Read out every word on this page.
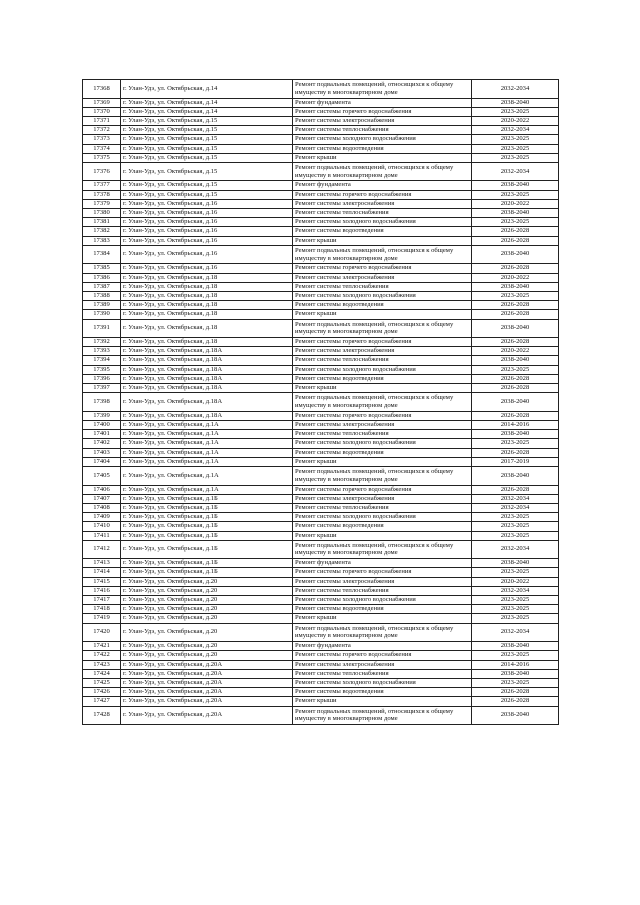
17368	г. Улан-Удэ, ул. Октябрьская, д.14	Ремонт подвальных помещений, относящихся к общему имуществу в многоквартирном доме	2032-2034
17369	г. Улан-Удэ, ул. Октябрьская, д.14	Ремонт фундамента	2038-2040
17370	г. Улан-Удэ, ул. Октябрьская, д.14	Ремонт системы горячего водоснабжения	2023-2025
17371	г. Улан-Удэ, ул. Октябрьская, д.15	Ремонт системы электроснабжения	2020-2022
17372	г. Улан-Удэ, ул. Октябрьская, д.15	Ремонт системы теплоснабжения	2032-2034
17373	г. Улан-Удэ, ул. Октябрьская, д.15	Ремонт системы холодного водоснабжения	2023-2025
17374	г. Улан-Удэ, ул. Октябрьская, д.15	Ремонт системы водоотведения	2023-2025
17375	г. Улан-Удэ, ул. Октябрьская, д.15	Ремонт крыши	2023-2025
17376	г. Улан-Удэ, ул. Октябрьская, д.15	Ремонт подвальных помещений, относящихся к общему имуществу в многоквартирном доме	2032-2034
17377	г. Улан-Удэ, ул. Октябрьская, д.15	Ремонт фундамента	2038-2040
17378	г. Улан-Удэ, ул. Октябрьская, д.15	Ремонт системы горячего водоснабжения	2023-2025
17379	г. Улан-Удэ, ул. Октябрьская, д.16	Ремонт системы электроснабжения	2020-2022
17380	г. Улан-Удэ, ул. Октябрьская, д.16	Ремонт системы теплоснабжения	2038-2040
17381	г. Улан-Удэ, ул. Октябрьская, д.16	Ремонт системы холодного водоснабжения	2023-2025
17382	г. Улан-Удэ, ул. Октябрьская, д.16	Ремонт системы водоотведения	2026-2028
17383	г. Улан-Удэ, ул. Октябрьская, д.16	Ремонт крыши	2026-2028
17384	г. Улан-Удэ, ул. Октябрьская, д.16	Ремонт подвальных помещений, относящихся к общему имуществу в многоквартирном доме	2038-2040
17385	г. Улан-Удэ, ул. Октябрьская, д.16	Ремонт системы горячего водоснабжения	2026-2028
17386	г. Улан-Удэ, ул. Октябрьская, д.18	Ремонт системы электроснабжения	2020-2022
17387	г. Улан-Удэ, ул. Октябрьская, д.18	Ремонт системы теплоснабжения	2038-2040
17388	г. Улан-Удэ, ул. Октябрьская, д.18	Ремонт системы холодного водоснабжения	2023-2025
17389	г. Улан-Удэ, ул. Октябрьская, д.18	Ремонт системы водоотведения	2026-2028
17390	г. Улан-Удэ, ул. Октябрьская, д.18	Ремонт крыши	2026-2028
17391	г. Улан-Удэ, ул. Октябрьская, д.18	Ремонт подвальных помещений, относящихся к общему имуществу в многоквартирном доме	2038-2040
17392	г. Улан-Удэ, ул. Октябрьская, д.18	Ремонт системы горячего водоснабжения	2026-2028
17393	г. Улан-Удэ, ул. Октябрьская, д.18А	Ремонт системы электроснабжения	2020-2022
17394	г. Улан-Удэ, ул. Октябрьская, д.18А	Ремонт системы теплоснабжения	2038-2040
17395	г. Улан-Удэ, ул. Октябрьская, д.18А	Ремонт системы холодного водоснабжения	2023-2025
17396	г. Улан-Удэ, ул. Октябрьская, д.18А	Ремонт системы водоотведения	2026-2028
17397	г. Улан-Удэ, ул. Октябрьская, д.18А	Ремонт крыши	2026-2028
17398	г. Улан-Удэ, ул. Октябрьская, д.18А	Ремонт подвальных помещений, относящихся к общему имуществу в многоквартирном доме	2038-2040
17399	г. Улан-Удэ, ул. Октябрьская, д.18А	Ремонт системы горячего водоснабжения	2026-2028
17400	г. Улан-Удэ, ул. Октябрьская, д.1А	Ремонт системы электроснабжения	2014-2016
17401	г. Улан-Удэ, ул. Октябрьская, д.1А	Ремонт системы теплоснабжения	2038-2040
17402	г. Улан-Удэ, ул. Октябрьская, д.1А	Ремонт системы холодного водоснабжения	2023-2025
17403	г. Улан-Удэ, ул. Октябрьская, д.1А	Ремонт системы водоотведения	2026-2028
17404	г. Улан-Удэ, ул. Октябрьская, д.1А	Ремонт крыши	2017-2019
17405	г. Улан-Удэ, ул. Октябрьская, д.1А	Ремонт подвальных помещений, относящихся к общему имуществу в многоквартирном доме	2038-2040
17406	г. Улан-Удэ, ул. Октябрьская, д.1А	Ремонт системы горячего водоснабжения	2026-2028
17407	г. Улан-Удэ, ул. Октябрьская, д.1Б	Ремонт системы электроснабжения	2032-2034
17408	г. Улан-Удэ, ул. Октябрьская, д.1Б	Ремонт системы теплоснабжения	2032-2034
17409	г. Улан-Удэ, ул. Октябрьская, д.1Б	Ремонт системы холодного водоснабжения	2023-2025
17410	г. Улан-Удэ, ул. Октябрьская, д.1Б	Ремонт системы водоотведения	2023-2025
17411	г. Улан-Удэ, ул. Октябрьская, д.1Б	Ремонт крыши	2023-2025
17412	г. Улан-Удэ, ул. Октябрьская, д.1Б	Ремонт подвальных помещений, относящихся к общему имуществу в многоквартирном доме	2032-2034
17413	г. Улан-Удэ, ул. Октябрьская, д.1Б	Ремонт фундамента	2038-2040
17414	г. Улан-Удэ, ул. Октябрьская, д.1Б	Ремонт системы горячего водоснабжения	2023-2025
17415	г. Улан-Удэ, ул. Октябрьская, д.20	Ремонт системы электроснабжения	2020-2022
17416	г. Улан-Удэ, ул. Октябрьская, д.20	Ремонт системы теплоснабжения	2032-2034
17417	г. Улан-Удэ, ул. Октябрьская, д.20	Ремонт системы холодного водоснабжения	2023-2025
17418	г. Улан-Удэ, ул. Октябрьская, д.20	Ремонт системы водоотведения	2023-2025
17419	г. Улан-Удэ, ул. Октябрьская, д.20	Ремонт крыши	2023-2025
17420	г. Улан-Удэ, ул. Октябрьская, д.20	Ремонт подвальных помещений, относящихся к общему имуществу в многоквартирном доме	2032-2034
17421	г. Улан-Удэ, ул. Октябрьская, д.20	Ремонт фундамента	2038-2040
17422	г. Улан-Удэ, ул. Октябрьская, д.20	Ремонт системы горячего водоснабжения	2023-2025
17423	г. Улан-Удэ, ул. Октябрьская, д.20А	Ремонт системы электроснабжения	2014-2016
17424	г. Улан-Удэ, ул. Октябрьская, д.20А	Ремонт системы теплоснабжения	2038-2040
17425	г. Улан-Удэ, ул. Октябрьская, д.20А	Ремонт системы холодного водоснабжения	2023-2025
17426	г. Улан-Удэ, ул. Октябрьская, д.20А	Ремонт системы водоотведения	2026-2028
17427	г. Улан-Удэ, ул. Октябрьская, д.20А	Ремонт крыши	2026-2028
17428	г. Улан-Удэ, ул. Октябрьская, д.20А	Ремонт подвальных помещений, относящихся к общему имуществу в многоквартирном доме	2038-2040
